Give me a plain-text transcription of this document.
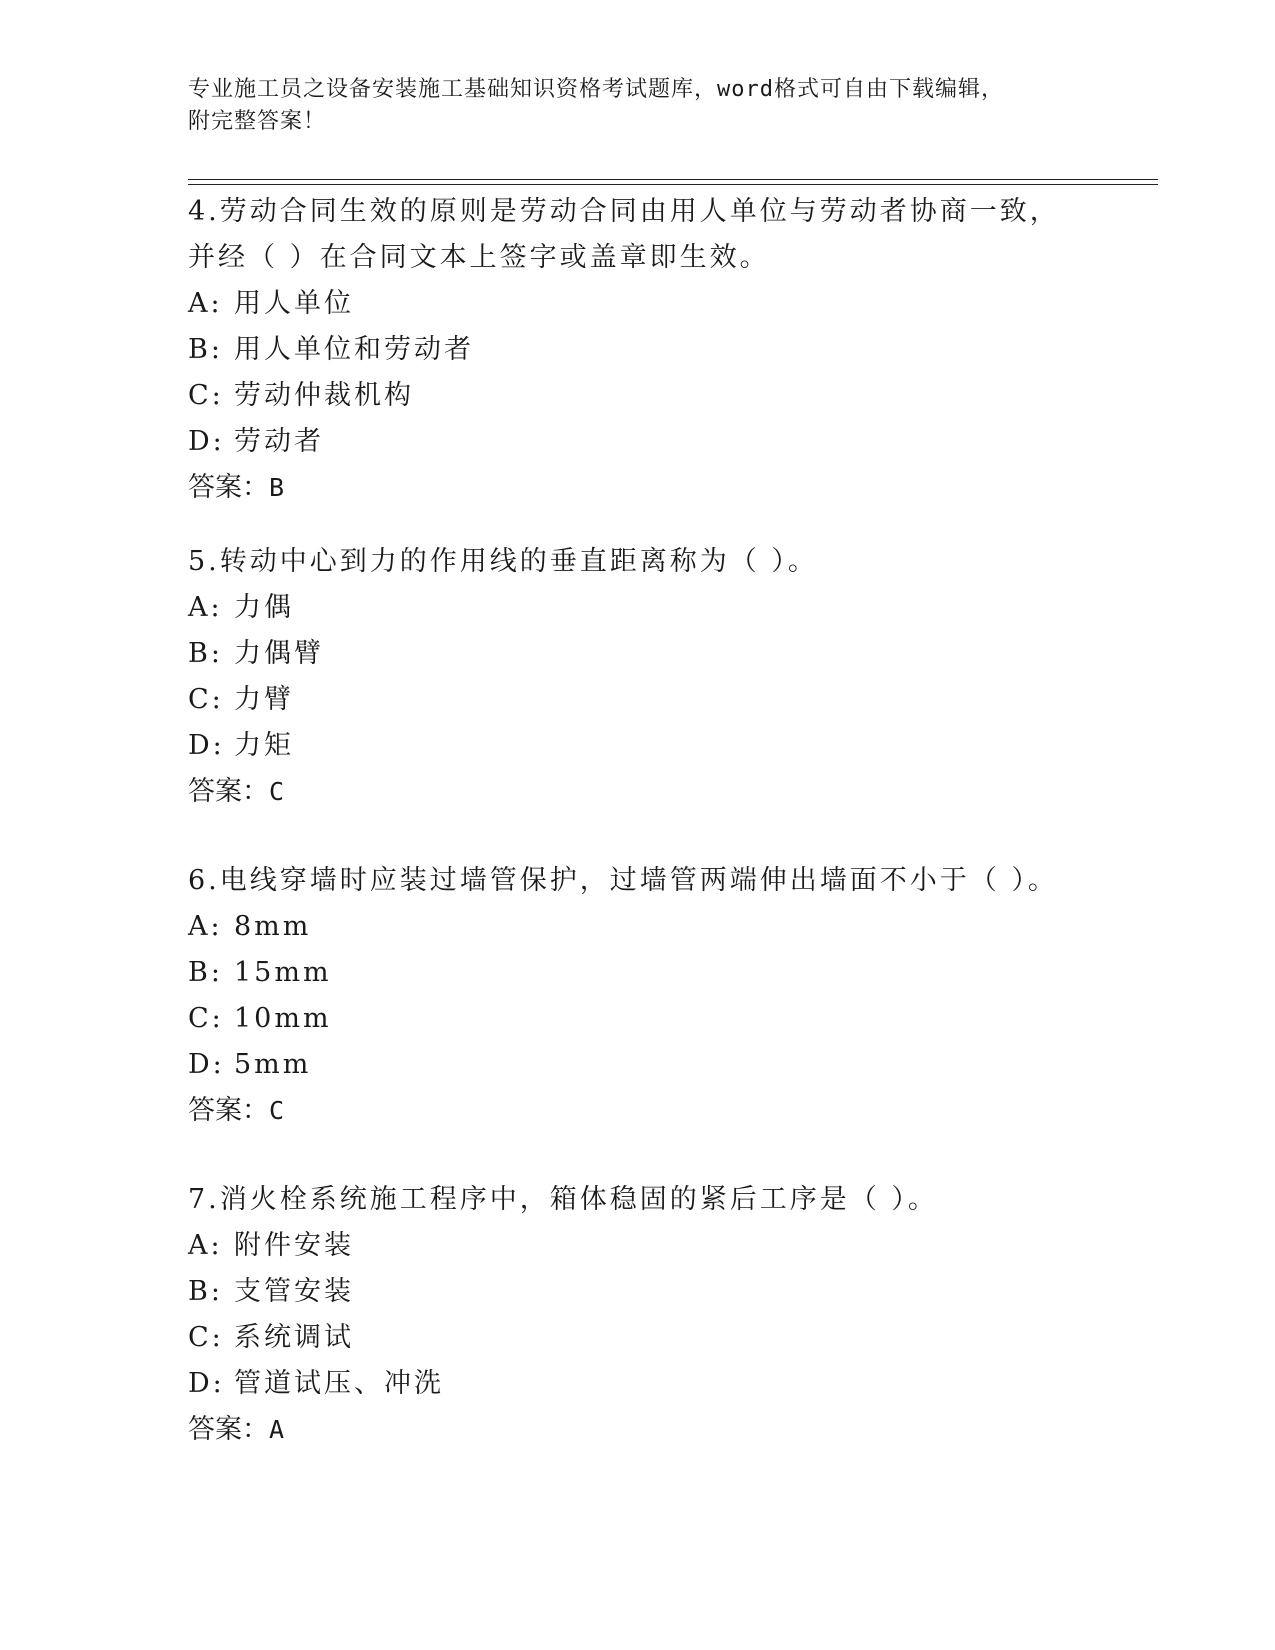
专业施工员之设备安装施工基础知识资格考试题库，word格式可自由下载编辑，
附完整答案！

4.劳动合同生效的原则是劳动合同由用人单位与劳动者协商一致，并经（ ）在合同文本上签字或盖章即生效。

A: 用人单位

B: 用人单位和劳动者

C: 劳动仲裁机构

D: 劳动者

答案：B

5.转动中心到力的作用线的垂直距离称为（ ）。

A: 力偶

B: 力偶臂

C: 力臂

D: 力矩

答案：C

6.电线穿墙时应装过墙管保护，过墙管两端伸出墙面不小于（ ）。

A: 8mm

B: 15mm

C: 10mm

D: 5mm

答案：C

7.消火栓系统施工程序中，箱体稳固的紧后工序是（ ）。

A: 附件安装

B: 支管安装

C: 系统调试

D: 管道试压、冲洗

答案：A
